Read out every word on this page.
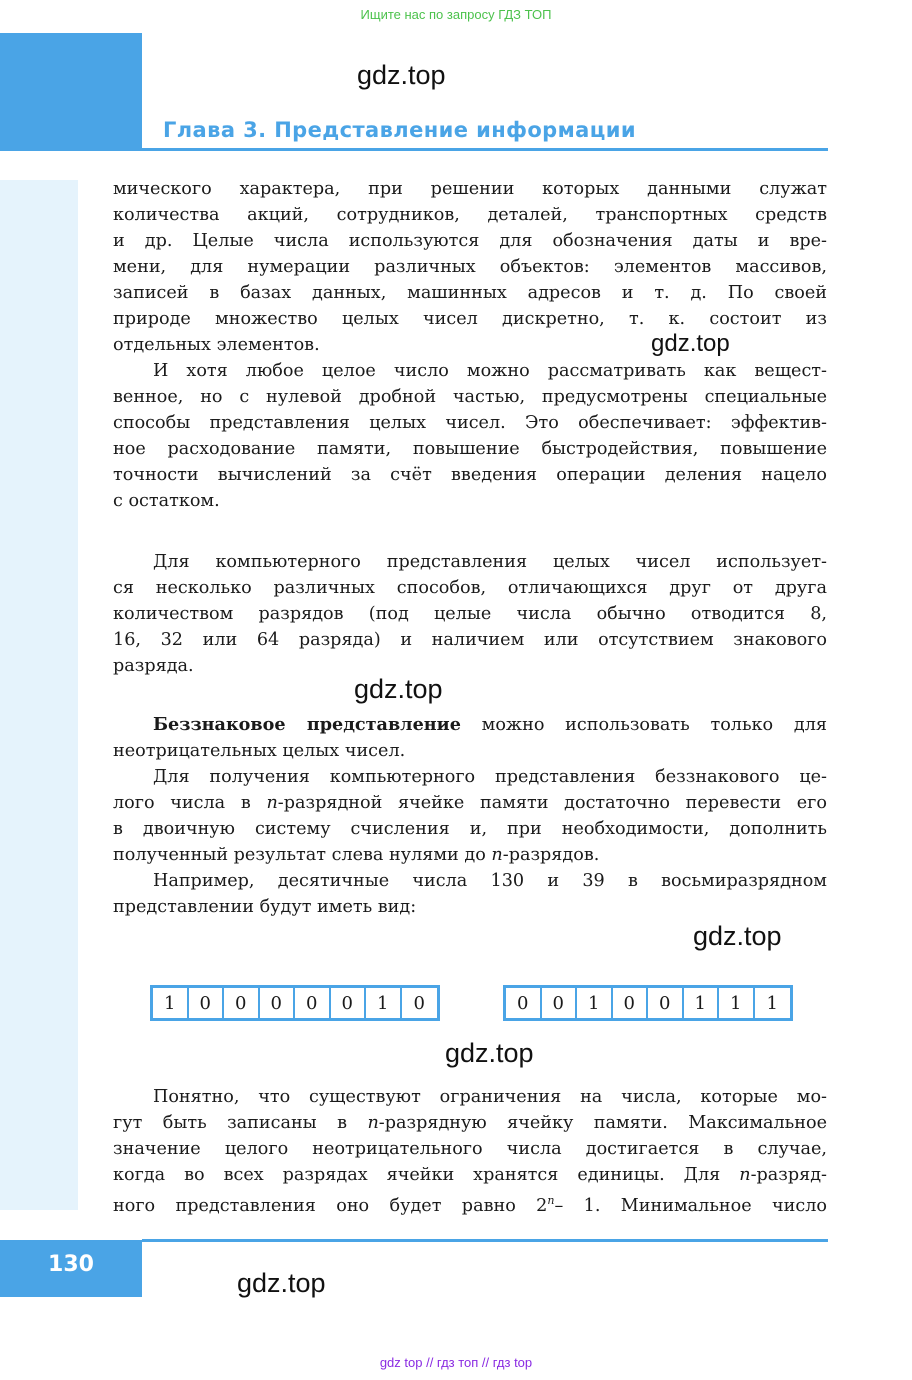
Ищите нас по запросу ГДЗ ТОП
gdz.top
Глава 3. Представление информации

мического характера, при решении которых данными служат
количества акций, сотрудников, деталей, транспортных средств
и др. Целые числа используются для обозначения даты и вре-
мени, для нумерации различных объектов: элементов массивов,
записей в базах данных, машинных адресов и т. д. По своей
природе множество целых чисел дискретно, т. к. состоит из
отдельных элементов.	gdz.top

И хотя любое целое число можно рассматривать как вещест-
венное, но с нулевой дробной частью, предусмотрены специальные
способы представления целых чисел. Это обеспечивает: эффектив-
ное расходование памяти, повышение быстродействия, повышение
точности вычислений за счёт введения операции деления нацело
с остатком.

Для компьютерного представления целых чисел использует-
ся несколько различных способов, отличающихся друг от друга
количеством разрядов (под целые числа обычно отводится 8,
16, 32 или 64 разряда) и наличием или отсутствием знакового
разряда.

gdz.top

Беззнаковое представление можно использовать только для
неотрицательных целых чисел.

Для получения компьютерного представления беззнакового це-
лого числа в n-разрядной ячейке памяти достаточно перевести его
в двоичную систему счисления и, при необходимости, дополнить
полученный результат слева нулями до n-разрядов.

Например, десятичные числа 130 и 39 в восьмиразрядном
представлении будут иметь вид:

gdz.top
1	0	0	0	0	0	1	0	0	0	1	0	0	1	1	1
gdz.top

Понятно, что существуют ограничения на числа, которые мо-
гут быть записаны в n-разрядную ячейку памяти. Максимальное
значение целого неотрицательного числа достигается в случае,
когда во всех разрядах ячейки хранятся единицы. Для n-разряд-
ного представления оно будет равно 2$^n$– 1. Минимальное число

130
gdz.top
gdz top // гдз топ // гдз top
